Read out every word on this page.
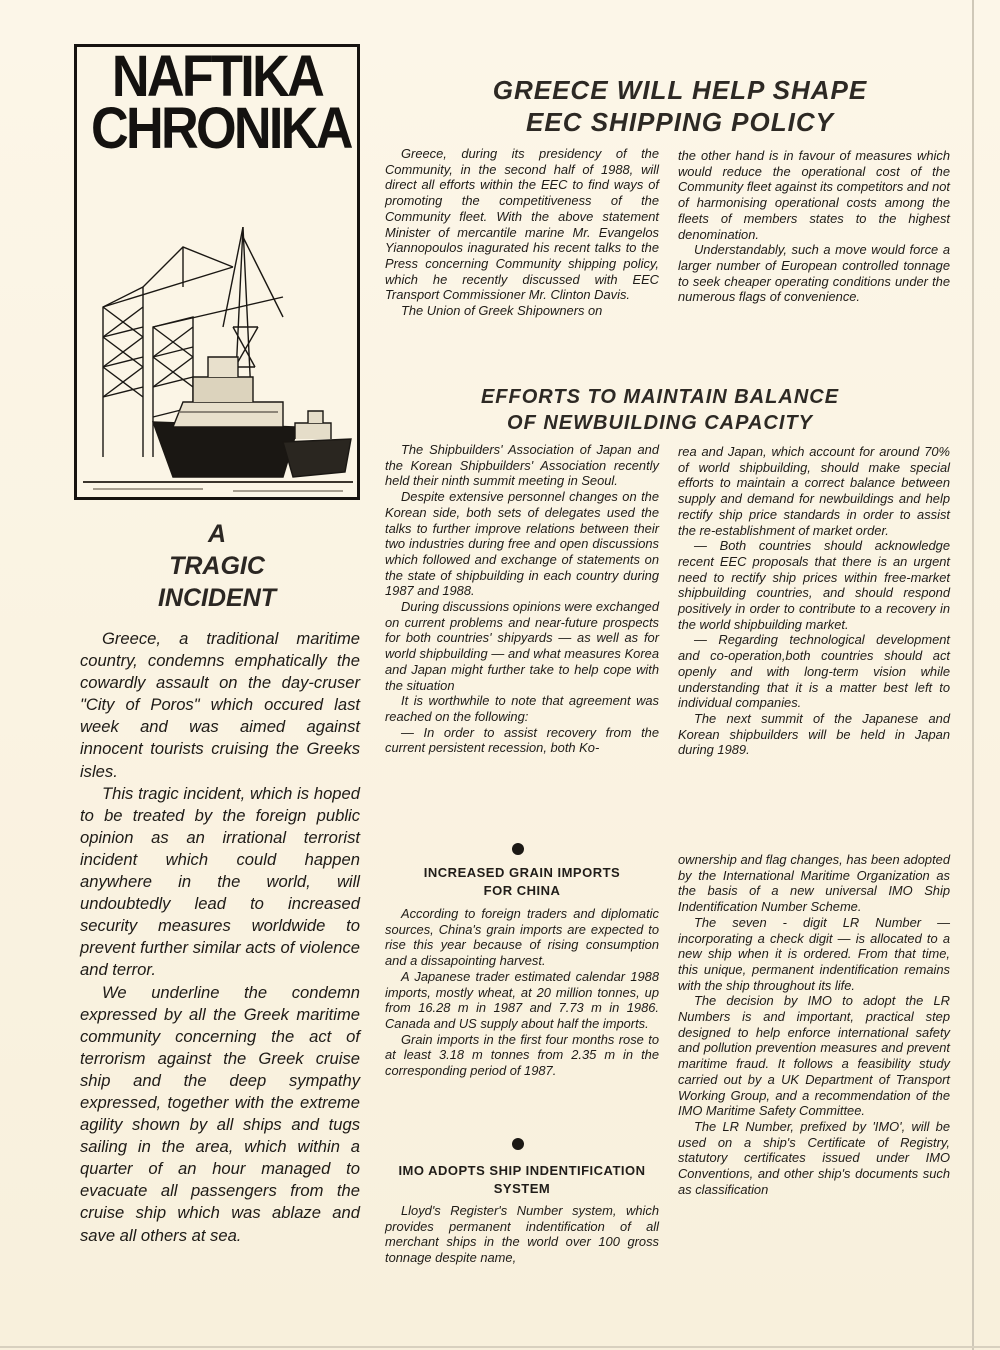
NAFTIKA
CHRONIKA
A
TRAGIC
INCIDENT

Greece, a traditional maritime country, condemns emphatically the cowardly assault on the day-cruser "City of Poros" which occured last week and was aimed against innocent tourists cruising the Greeks isles.

This tragic incident, which is hoped to be treated by the foreign public opinion as an irrational terrorist incident which could happen anywhere in the world, will undoubtedly lead to increased security measures worldwide to prevent further similar acts of violence and terror.

We underline the condemn expressed by all the Greek maritime community concerning the act of terrorism against the Greek cruise ship and the deep sympathy expressed, together with the extreme agility shown by all ships and tugs sailing in the area, which within a quarter of an hour managed to evacuate all passengers from the cruise ship which was ablaze and save all others at sea.

GREECE WILL HELP SHAPE
EEC SHIPPING POLICY

Greece, during its presidency of the Community, in the second half of 1988, will direct all efforts within the EEC to find ways of promoting the competitiveness of the Community fleet. With the above statement Minister of mercantile marine Mr. Evangelos Yiannopoulos inagurated his recent talks to the Press concerning Community shipping policy, which he recently discussed with EEC Transport Commissioner Mr. Clinton Davis.

The Union of Greek Shipowners on

the other hand is in favour of measures which would reduce the operational cost of the Community fleet against its competitors and not of harmonising operational costs among the fleets of members states to the highest denomination.

Understandably, such a move would force a larger number of European controlled tonnage to seek cheaper operating conditions under the numerous flags of convenience.

EFFORTS TO MAINTAIN BALANCE
OF NEWBUILDING CAPACITY

The Shipbuilders' Association of Japan and the Korean Shipbuilders' Association recently held their ninth summit meeting in Seoul.

Despite extensive personnel changes on the Korean side, both sets of delegates used the talks to further improve relations between their two industries during free and open discussions which followed and exchange of statements on the state of shipbuilding in each country during 1987 and 1988.

During discussions opinions were exchanged on current problems and near-future prospects for both countries' shipyards — as well as for world shipbuilding — and what measures Korea and Japan might further take to help cope with the situation

It is worthwhile to note that agreement was reached on the following:

— In order to assist recovery from the current persistent recession, both Ko-

rea and Japan, which account for around 70% of world shipbuilding, should make special efforts to maintain a correct balance between supply and demand for newbuildings and help rectify ship price standards in order to assist the re-establishment of market order.

— Both countries should acknowledge recent EEC proposals that there is an urgent need to rectify ship prices within free-market shipbuilding countries, and should respond positively in order to contribute to a recovery in the world shipbuilding market.

— Regarding technological development and co-operation,both countries should act openly and with long-term vision while understanding that it is a matter best left to individual companies.

The next summit of the Japanese and Korean shipbuilders will be held in Japan during 1989.

INCREASED GRAIN IMPORTS
FOR CHINA

According to foreign traders and diplomatic sources, China's grain imports are expected to rise this year because of rising consumption and a dissapointing harvest.

A Japanese trader estimated calendar 1988 imports, mostly wheat, at 20 million tonnes, up from 16.28 m in 1987 and 7.73 m in 1986. Canada and US supply about half the imports.

Grain imports in the first four months rose to at least 3.18 m tonnes from 2.35 m in the corresponding period of 1987.

IMO ADOPTS SHIP INDENTIFICATION
SYSTEM

Lloyd's Register's Number system, which provides permanent indentification of all merchant ships in the world over 100 gross tonnage despite name,

ownership and flag changes, has been adopted by the International Maritime Organization as the basis of a new universal IMO Ship Indentification Number Scheme.

The seven - digit LR Number — incorporating a check digit — is allocated to a new ship when it is ordered. From that time, this unique, permanent indentification remains with the ship throughout its life.

The decision by IMO to adopt the LR Numbers is and important, practical step designed to help enforce international safety and pollution prevention measures and prevent maritime fraud. It follows a feasibility study carried out by a UK Department of Transport Working Group, and a recommendation of the IMO Maritime Safety Committee.

The LR Number, prefixed by 'IMO', will be used on a ship's Certificate of Registry, statutory certificates issued under IMO Conventions, and other ship's documents such as classification
